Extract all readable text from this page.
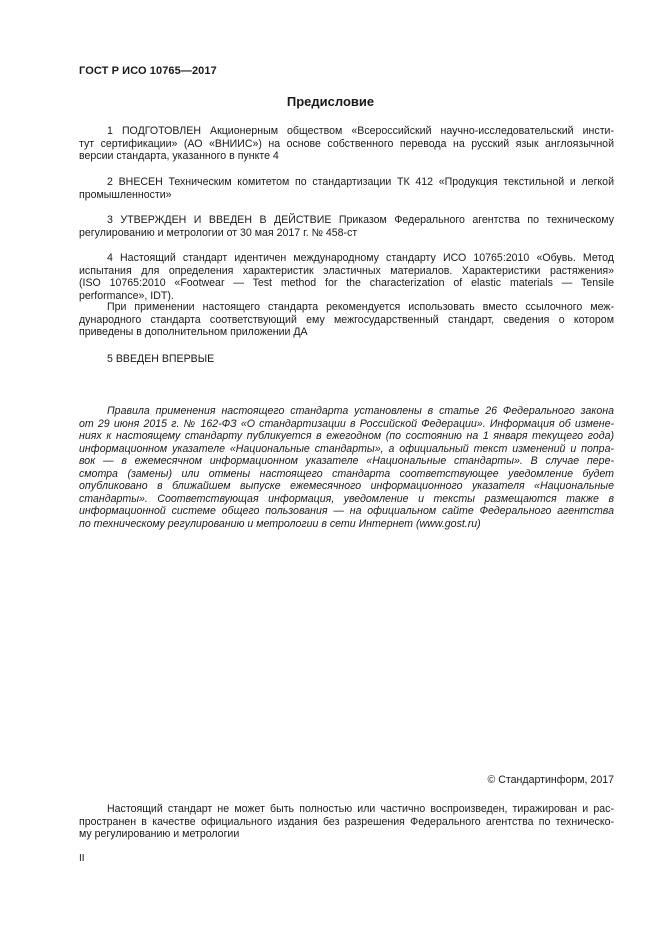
ГОСТ Р ИСО 10765—2017
Предисловие

1 ПОДГОТОВЛЕН Акционерным обществом «Всероссийский научно-исследовательский инсти-
тут сертификации» (АО «ВНИИС») на основе собственного перевода на русский язык англоязычной
версии стандарта, указанного в пункте 4

2 ВНЕСЕН Техническим комитетом по стандартизации ТК 412 «Продукция текстильной и легкой
промышленности»

3 УТВЕРЖДЕН И ВВЕДЕН В ДЕЙСТВИЕ Приказом Федерального агентства по техническому
регулированию и метрологии от 30 мая 2017 г. № 458-ст

4 Настоящий стандарт идентичен международному стандарту ИСО 10765:2010 «Обувь. Метод
испытания для определения характеристик эластичных материалов. Характеристики растяжения»
(ISO 10765:2010 «Footwear — Test method for the characterization of elastic materials — Tensile
performance», IDT).

При применении настоящего стандарта рекомендуется использовать вместо ссылочного меж-
дународного стандарта соответствующий ему межгосударственный стандарт, сведения о котором
приведены в дополнительном приложении ДА

5 ВВЕДЕН ВПЕРВЫЕ

Правила применения настоящего стандарта установлены в статье 26 Федерального закона
от 29 июня 2015 г. № 162-ФЗ «О стандартизации в Российской Федерации». Информация об измене-
ниях к настоящему стандарту публикуется в ежегодном (по состоянию на 1 января текущего года)
информационном указателе «Национальные стандарты», а официальный текст изменений и попра-
вок — в ежемесячном информационном указателе «Национальные стандарты». В случае пере-
смотра (замены) или отмены настоящего стандарта соответствующее уведомление будет
опубликовано в ближайшем выпуске ежемесячного информационного указателя «Национальные
стандарты». Соответствующая информация, уведомление и тексты размещаются также в
информационной системе общего пользования — на официальном сайте Федерального агентства
по техническому регулированию и метрологии в сети Интернет (www.gost.ru)

© Стандартинформ, 2017

Настоящий стандарт не может быть полностью или частично воспроизведен, тиражирован и рас-
пространен в качестве официального издания без разрешения Федерального агентства по техническо-
му регулированию и метрологии

II
